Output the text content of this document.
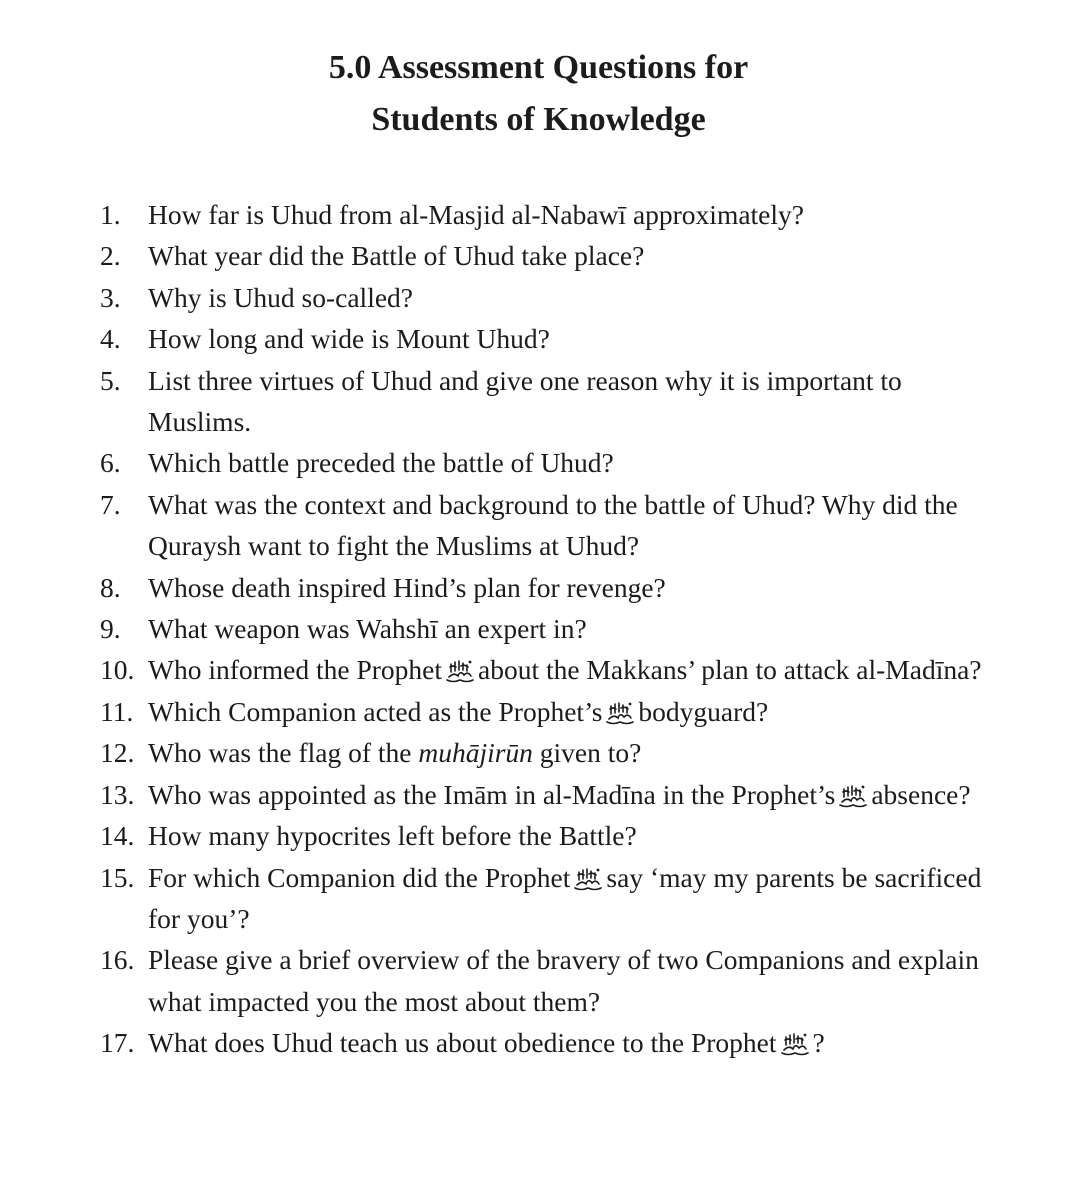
5.0 Assessment Questions for
Students of Knowledge
1. How far is Uhud from al-Masjid al-Nabawī approximately?
2. What year did the Battle of Uhud take place?
3. Why is Uhud so-called?
4. How long and wide is Mount Uhud?
5. List three virtues of Uhud and give one reason why it is important to Muslims.
6. Which battle preceded the battle of Uhud?
7. What was the context and background to the battle of Uhud? Why did the Quraysh want to fight the Muslims at Uhud?
8. Whose death inspired Hind’s plan for revenge?
9. What weapon was Wahshī an expert in?
10. Who informed the Prophet about the Makkans’ plan to attack al-Madīna?
11. Which Companion acted as the Prophet’s bodyguard?
12. Who was the flag of the muhājirūn given to?
13. Who was appointed as the Imām in al-Madīna in the Prophet’s absence?
14. How many hypocrites left before the Battle?
15. For which Companion did the Prophet say ‘may my parents be sacrificed for you’?
16. Please give a brief overview of the bravery of two Companions and explain what impacted you the most about them?
17. What does Uhud teach us about obedience to the Prophet ?
